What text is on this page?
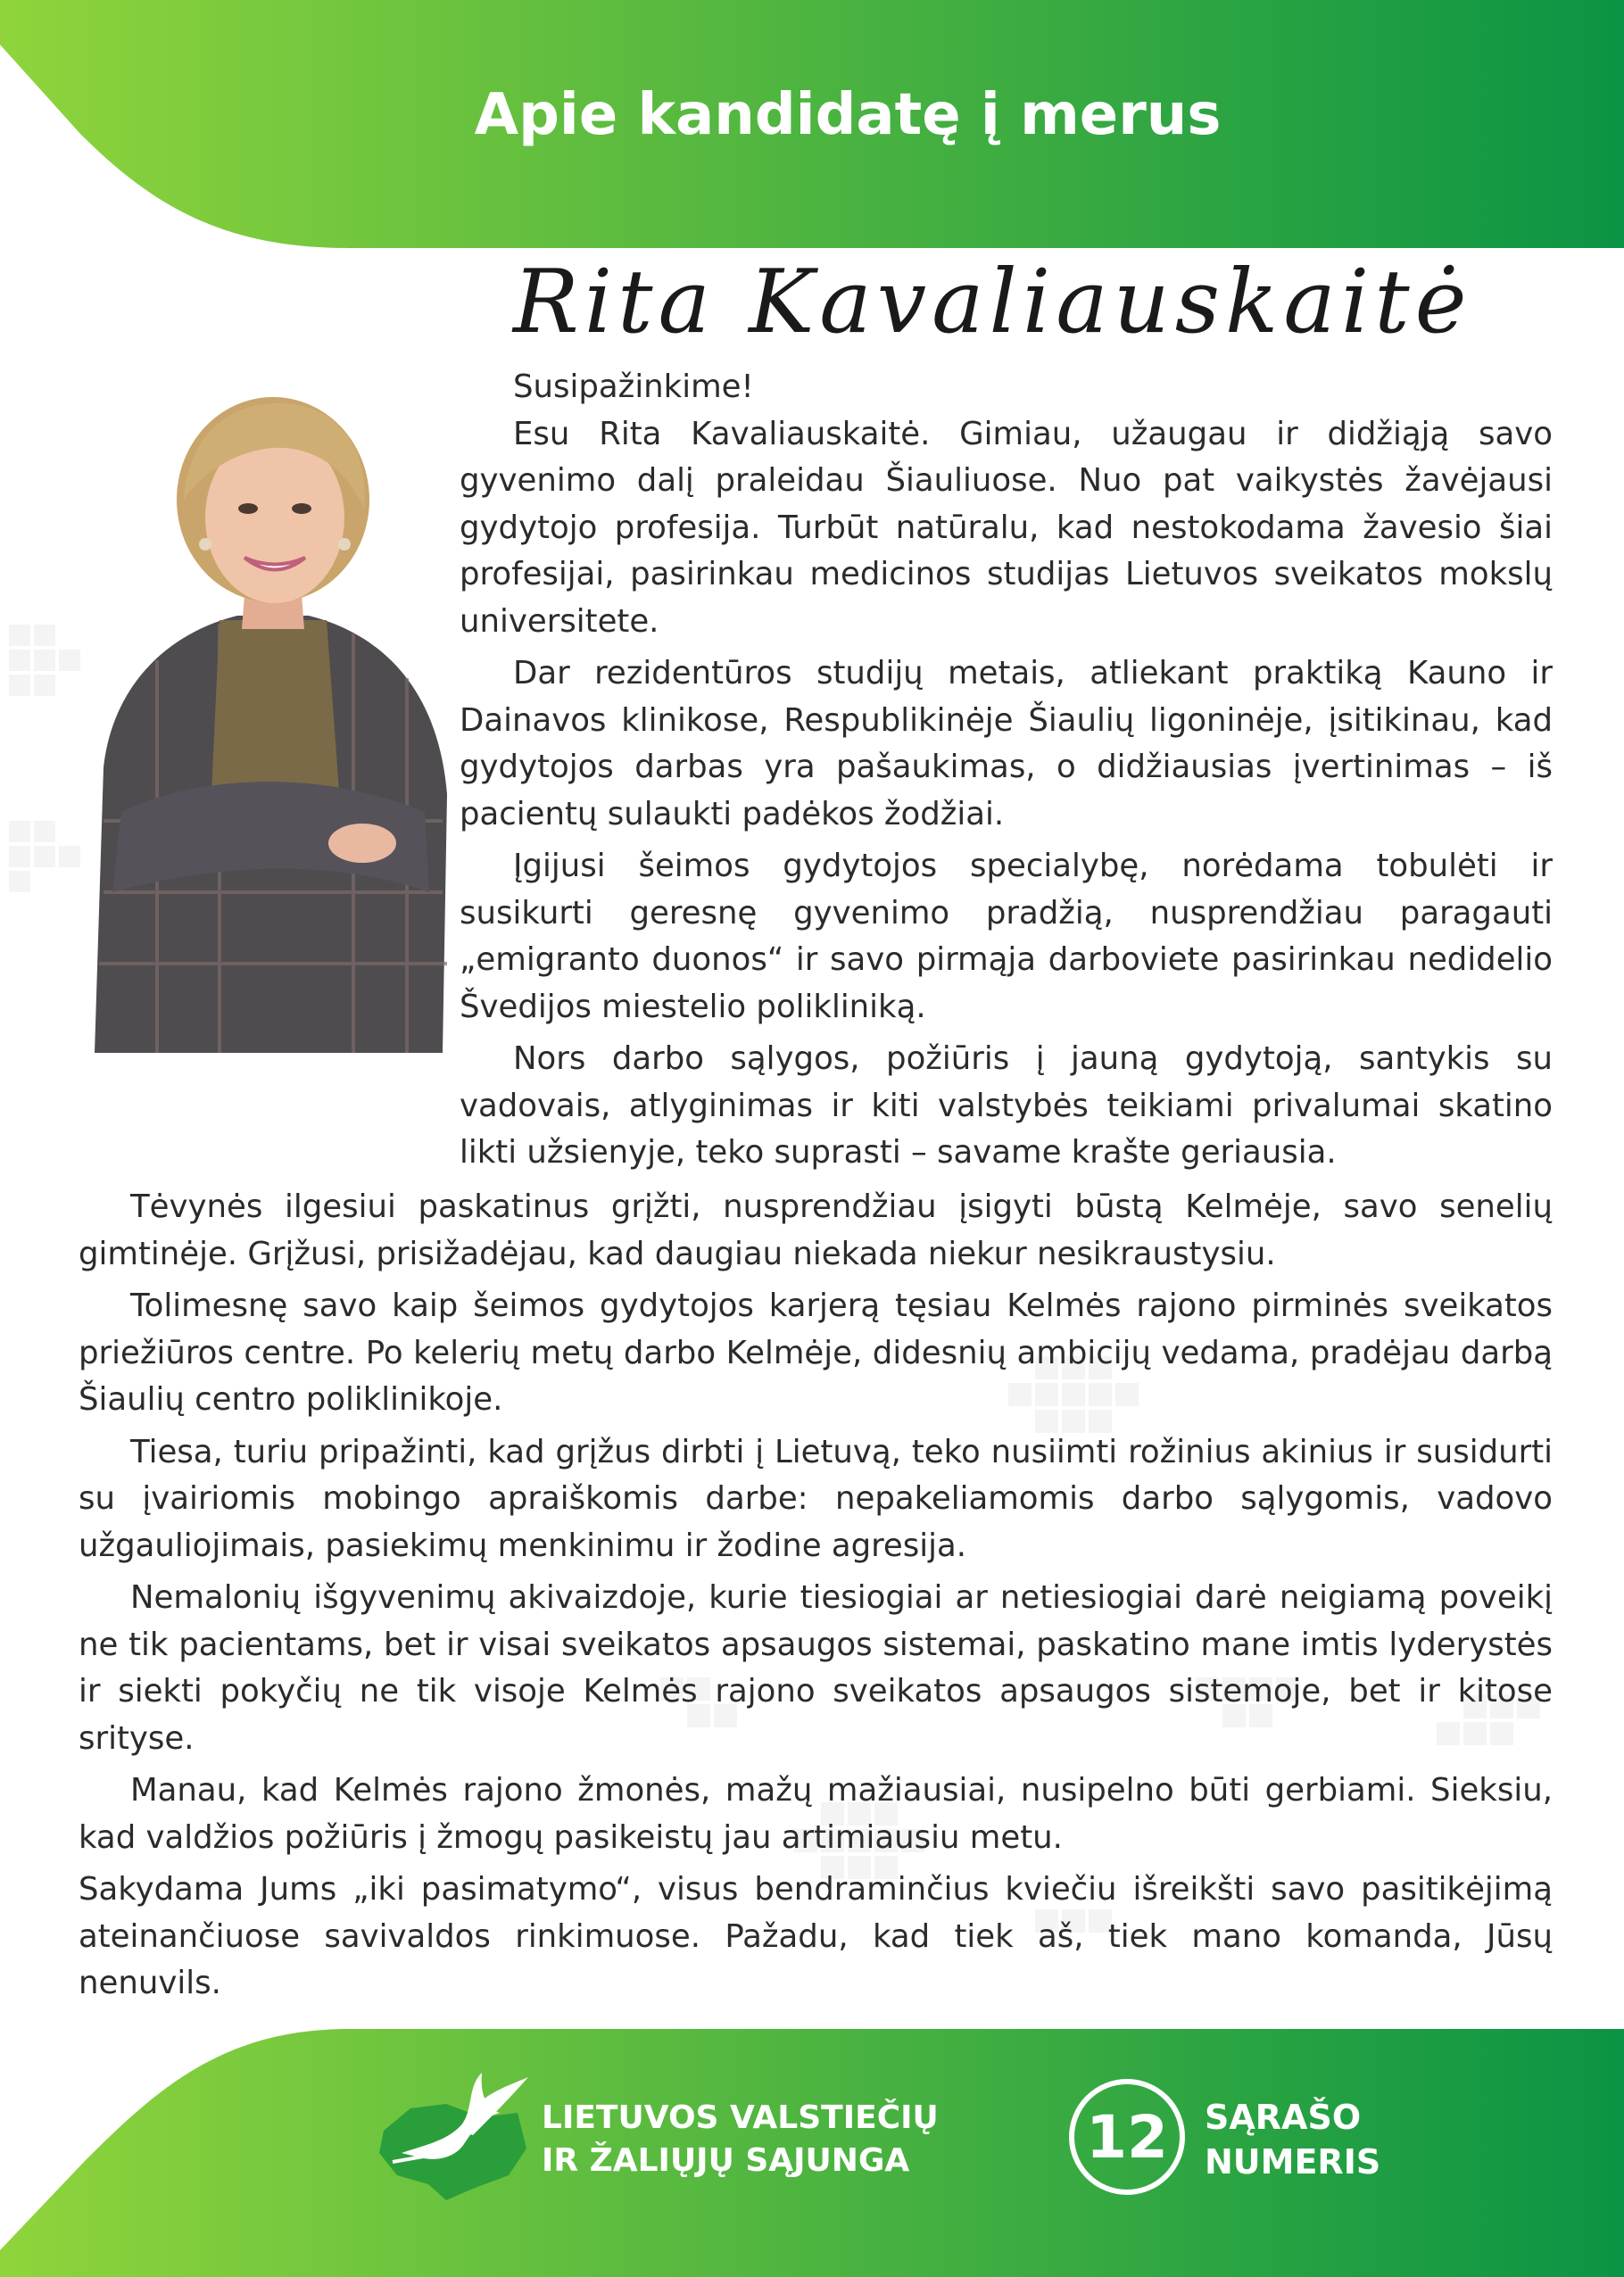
Apie kandidatę į merus
Rita Kavaliauskaitė

Susipažinkime!

Esu Rita Kavaliauskaitė. Gimiau, užaugau ir didžiąją savo gyvenimo dalį praleidau Šiauliuose. Nuo pat vaikystės žavėjausi gydytojo profesija. Turbūt natūralu, kad nestokodama žavesio šiai profesijai, pasirinkau medicinos studijas Lietuvos sveikatos mokslų universitete.

Dar rezidentūros studijų metais, atliekant praktiką Kauno ir Dainavos klinikose, Respublikinėje Šiaulių ligoninėje, įsitikinau, kad gydytojos darbas yra pašaukimas, o didžiausias įvertinimas – iš pacientų sulaukti padėkos žodžiai.

Įgijusi šeimos gydytojos specialybę, norėdama tobulėti ir susikurti geresnę gyvenimo pradžią, nusprendžiau paragauti „emigranto duonos“ ir savo pirmąja darboviete pasirinkau nedidelio Švedijos miestelio polikliniką.

Nors darbo sąlygos, požiūris į jauną gydytoją, santykis su vadovais, atlyginimas ir kiti valstybės teikiami privalumai skatino likti užsienyje, teko suprasti – savame krašte geriausia.

Tėvynės ilgesiui paskatinus grįžti, nusprendžiau įsigyti būstą Kelmėje, savo senelių gimtinėje. Grįžusi, prisižadėjau, kad daugiau niekada niekur nesikraustysiu.

Tolimesnę savo kaip šeimos gydytojos karjerą tęsiau Kelmės rajono pirminės sveikatos priežiūros centre. Po kelerių metų darbo Kelmėje, didesnių ambicijų vedama, pradėjau darbą Šiaulių centro poliklinikoje.

Tiesa, turiu pripažinti, kad grįžus dirbti į Lietuvą, teko nusiimti rožinius akinius ir susidurti su įvairiomis mobingo apraiškomis darbe: nepakeliamomis darbo sąlygomis, vadovo užgauliojimais, pasiekimų menkinimu ir žodine agresija.

Nemalonių išgyvenimų akivaizdoje, kurie tiesiogiai ar netiesiogiai darė neigiamą poveikį ne tik pacientams, bet ir visai sveikatos apsaugos sistemai, paskatino mane imtis lyderystės ir siekti pokyčių ne tik visoje Kelmės rajono sveikatos apsaugos sistemoje, bet ir kitose srityse.

Manau, kad Kelmės rajono žmonės, mažų mažiausiai, nusipelno būti gerbiami. Sieksiu, kad valdžios požiūris į žmogų pasikeistų jau artimiausiu metu.

Sakydama Jums „iki pasimatymo“, visus bendraminčius kviečiu išreikšti savo pasitikėjimą ateinančiuose savivaldos rinkimuose. Pažadu, kad tiek aš, tiek mano komanda, Jūsų nenuvils.

LIETUVOS VALSTIEČIŲ
IR ŽALIŲJŲ SĄJUNGA	12	SĄRAŠO
NUMERIS
